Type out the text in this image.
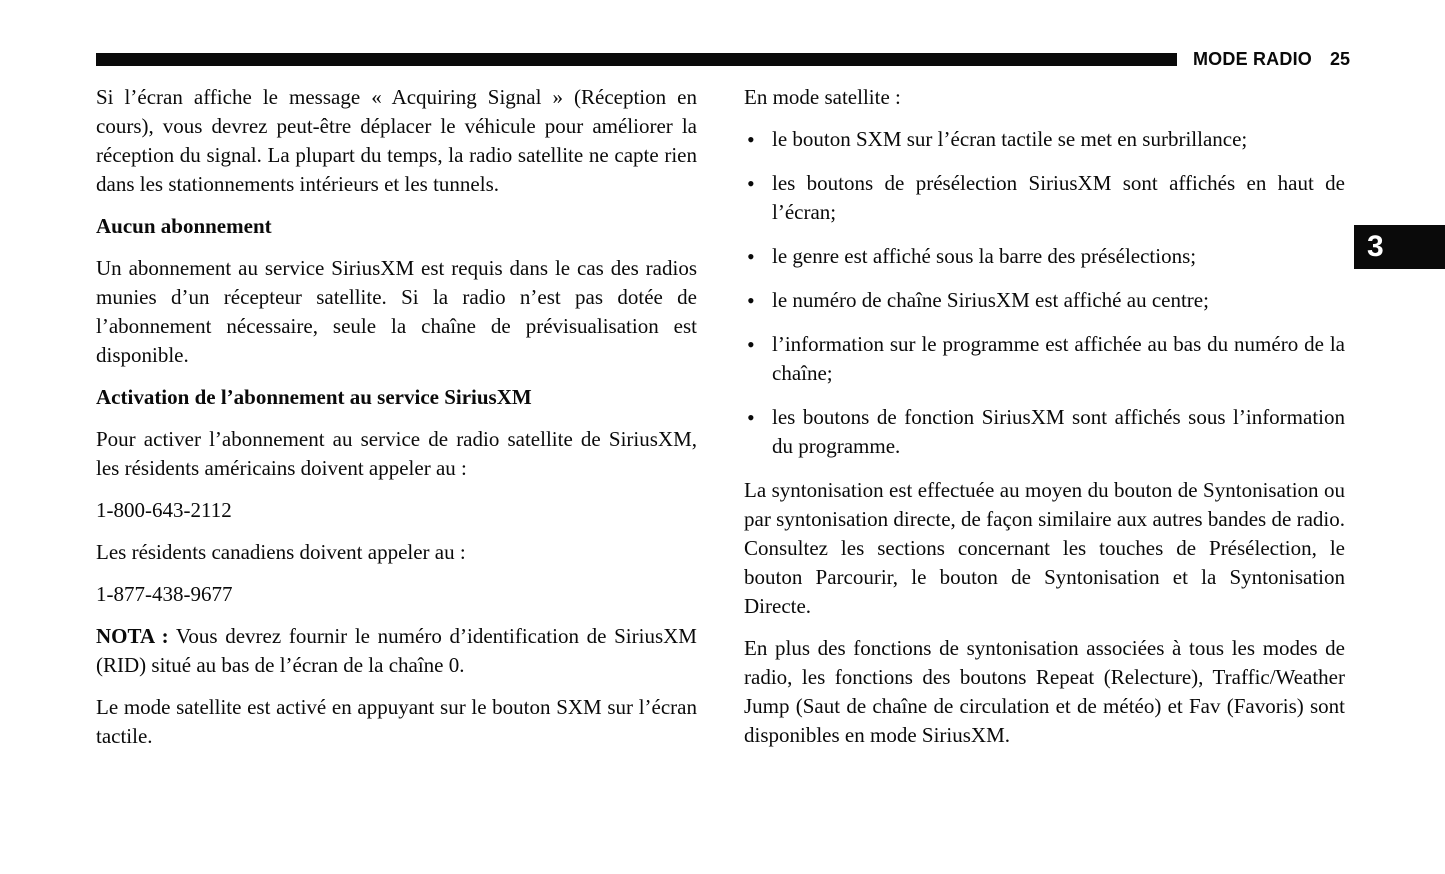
MODE RADIO 25
3

Si l’écran affiche le message « Acquiring Signal » (Réception en cours), vous devrez peut-être déplacer le véhicule pour améliorer la réception du signal. La plupart du temps, la radio satellite ne capte rien dans les stationnements intérieurs et les tunnels.

Aucun abonnement

Un abonnement au service SiriusXM est requis dans le cas des radios munies d’un récepteur satellite. Si la radio n’est pas dotée de l’abonnement nécessaire, seule la chaîne de prévisualisation est disponible.

Activation de l’abonnement au service SiriusXM

Pour activer l’abonnement au service de radio satellite de SiriusXM, les résidents américains doivent appeler au :

1-800-643-2112

Les résidents canadiens doivent appeler au :

1-877-438-9677

NOTA : Vous devrez fournir le numéro d’identification de SiriusXM (RID) situé au bas de l’écran de la chaîne 0.

Le mode satellite est activé en appuyant sur le bouton SXM sur l’écran tactile.

En mode satellite :

• le bouton SXM sur l’écran tactile se met en surbrillance;
• les boutons de présélection SiriusXM sont affichés en haut de l’écran;
• le genre est affiché sous la barre des présélections;
• le numéro de chaîne SiriusXM est affiché au centre;
• l’information sur le programme est affichée au bas du numéro de la chaîne;
• les boutons de fonction SiriusXM sont affichés sous l’information du programme.

La syntonisation est effectuée au moyen du bouton de Syntonisation ou par syntonisation directe, de façon similaire aux autres bandes de radio. Consultez les sections concernant les touches de Présélection, le bouton Parcourir, le bouton de Syntonisation et la Syntonisation Directe.

En plus des fonctions de syntonisation associées à tous les modes de radio, les fonctions des boutons Repeat (Relecture), Traffic/Weather Jump (Saut de chaîne de circulation et de météo) et Fav (Favoris) sont disponibles en mode SiriusXM.
